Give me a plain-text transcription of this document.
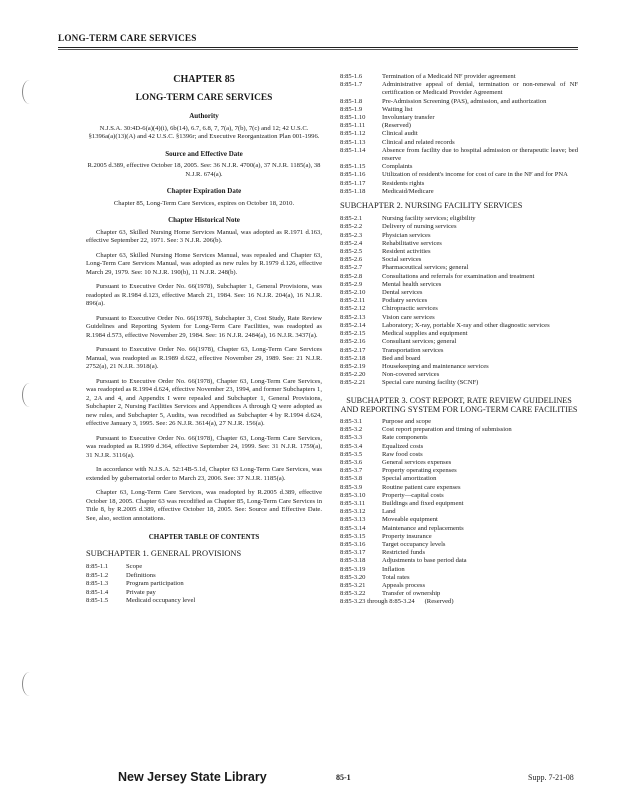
LONG-TERM CARE SERVICES
CHAPTER 85
LONG-TERM CARE SERVICES
Authority
N.J.S.A. 30:4D-6(a)(4)(i), 6b(14), 6.7, 6.8, 7, 7(a), 7(b), 7(c) and 12; 42 U.S.C. §1396a(a)(13)(A) and 42 U.S.C. §1396r; and Executive Reorganization Plan 001-1996.
Source and Effective Date
R.2005 d.389, effective October 18, 2005. See: 36 N.J.R. 4700(a), 37 N.J.R. 1185(a), 38 N.J.R. 674(a).
Chapter Expiration Date
Chapter 85, Long-Term Care Services, expires on October 18, 2010.
Chapter Historical Note
Chapter 63, Skilled Nursing Home Services Manual, was adopted as R.1971 d.163, effective September 22, 1971. See: 3 N.J.R. 206(b).
Chapter 63, Skilled Nursing Home Services Manual, was repealed and Chapter 63, Long-Term Care Services Manual, was adopted as new rules by R.1979 d.126, effective March 29, 1979. See: 10 N.J.R. 190(b), 11 N.J.R. 248(b).
Pursuant to Executive Order No. 66(1978), Subchapter 1, General Provisions, was readopted as R.1984 d.123, effective March 21, 1984. See: 16 N.J.R. 204(a), 16 N.J.R. 896(a).
Pursuant to Executive Order No. 66(1978), Subchapter 3, Cost Study, Rate Review Guidelines and Reporting System for Long-Term Care Facilities, was readopted as R.1984 d.573, effective November 29, 1984. See: 16 N.J.R. 2484(a), 16 N.J.R. 3437(a).
Pursuant to Executive Order No. 66(1978), Chapter 63, Long-Term Care Services Manual, was readopted as R.1989 d.622, effective November 29, 1989. See: 21 N.J.R. 2752(a), 21 N.J.R. 3918(a).
Pursuant to Executive Order No. 66(1978), Chapter 63, Long-Term Care Services, was readopted as R.1994 d.624, effective November 23, 1994, and former Subchapters 1, 2, 2A and 4, and Appendix I were repealed and Subchapter 1, General Provisions, Subchapter 2, Nursing Facilities Services and Appendices A through Q were adopted as new rules, and Subchapter 5, Audits, was recodified as Subchapter 4 by R.1994 d.624, effective January 3, 1995. See: 26 N.J.R. 3614(a), 27 N.J.R. 156(a).
Pursuant to Executive Order No. 66(1978), Chapter 63, Long-Term Care Services, was readopted as R.1999 d.364, effective September 24, 1999. See: 31 N.J.R. 1759(a), 31 N.J.R. 3116(a).
In accordance with N.J.S.A. 52:14B-5.1d, Chapter 63 Long-Term Care Services, was extended by gubernatorial order to March 23, 2006. See: 37 N.J.R. 1185(a).
Chapter 63, Long-Term Care Services, was readopted by R.2005 d.389, effective October 18, 2005. Chapter 63 was recodified as Chapter 85, Long-Term Care Services in Title 8, by R.2005 d.389, effective October 18, 2005. See: Source and Effective Date. See, also, section annotations.
CHAPTER TABLE OF CONTENTS
SUBCHAPTER 1. GENERAL PROVISIONS
8:85-1.1	Scope
8:85-1.2	Definitions
8:85-1.3	Program participation
8:85-1.4	Private pay
8:85-1.5	Medicaid occupancy level
8:85-1.6	Termination of a Medicaid NF provider agreement
8:85-1.7	Administrative appeal of denial, termination or non-renewal of NF certification or Medicaid Provider Agreement
8:85-1.8	Pre-Admission Screening (PAS), admission, and authorization
8:85-1.9	Waiting list
8:85-1.10	Involuntary transfer
8:85-1.11	(Reserved)
8:85-1.12	Clinical audit
8:85-1.13	Clinical and related records
8:85-1.14	Absence from facility due to hospital admission or therapeutic leave; bed reserve
8:85-1.15	Complaints
8:85-1.16	Utilization of resident's income for cost of care in the NF and for PNA
8:85-1.17	Residents rights
8:85-1.18	Medicaid/Medicare
SUBCHAPTER 2. NURSING FACILITY SERVICES
8:85-2.1	Nursing facility services; eligibility
8:85-2.2	Delivery of nursing services
8:85-2.3	Physician services
8:85-2.4	Rehabilitative services
8:85-2.5	Resident activities
8:85-2.6	Social services
8:85-2.7	Pharmaceutical services; general
8:85-2.8	Consultations and referrals for examination and treatment
8:85-2.9	Mental health services
8:85-2.10	Dental services
8:85-2.11	Podiatry services
8:85-2.12	Chiropractic services
8:85-2.13	Vision care services
8:85-2.14	Laboratory; X-ray, portable X-ray and other diagnostic services
8:85-2.15	Medical supplies and equipment
8:85-2.16	Consultant services; general
8:85-2.17	Transportation services
8:85-2.18	Bed and board
8:85-2.19	Housekeeping and maintenance services
8:85-2.20	Non-covered services
8:85-2.21	Special care nursing facility (SCNF)
SUBCHAPTER 3. COST REPORT, RATE REVIEW GUIDELINES AND REPORTING SYSTEM FOR LONG-TERM CARE FACILITIES
8:85-3.1	Purpose and scope
8:85-3.2	Cost report preparation and timing of submission
8:85-3.3	Rate components
8:85-3.4	Equalized costs
8:85-3.5	Raw food costs
8:85-3.6	General services expenses
8:85-3.7	Property operating expenses
8:85-3.8	Special amortization
8:85-3.9	Routine patient care expenses
8:85-3.10	Property—capital costs
8:85-3.11	Buildings and fixed equipment
8:85-3.12	Land
8:85-3.13	Moveable equipment
8:85-3.14	Maintenance and replacements
8:85-3.15	Property insurance
8:85-3.16	Target occupancy levels
8:85-3.17	Restricted funds
8:85-3.18	Adjustments to base period data
8:85-3.19	Inflation
8:85-3.20	Total rates
8:85-3.21	Appeals process
8:85-3.22	Transfer of ownership
8:85-3.23 through 8:85-3.24      (Reserved)
New Jersey State Library	85-1	Supp. 7-21-08
